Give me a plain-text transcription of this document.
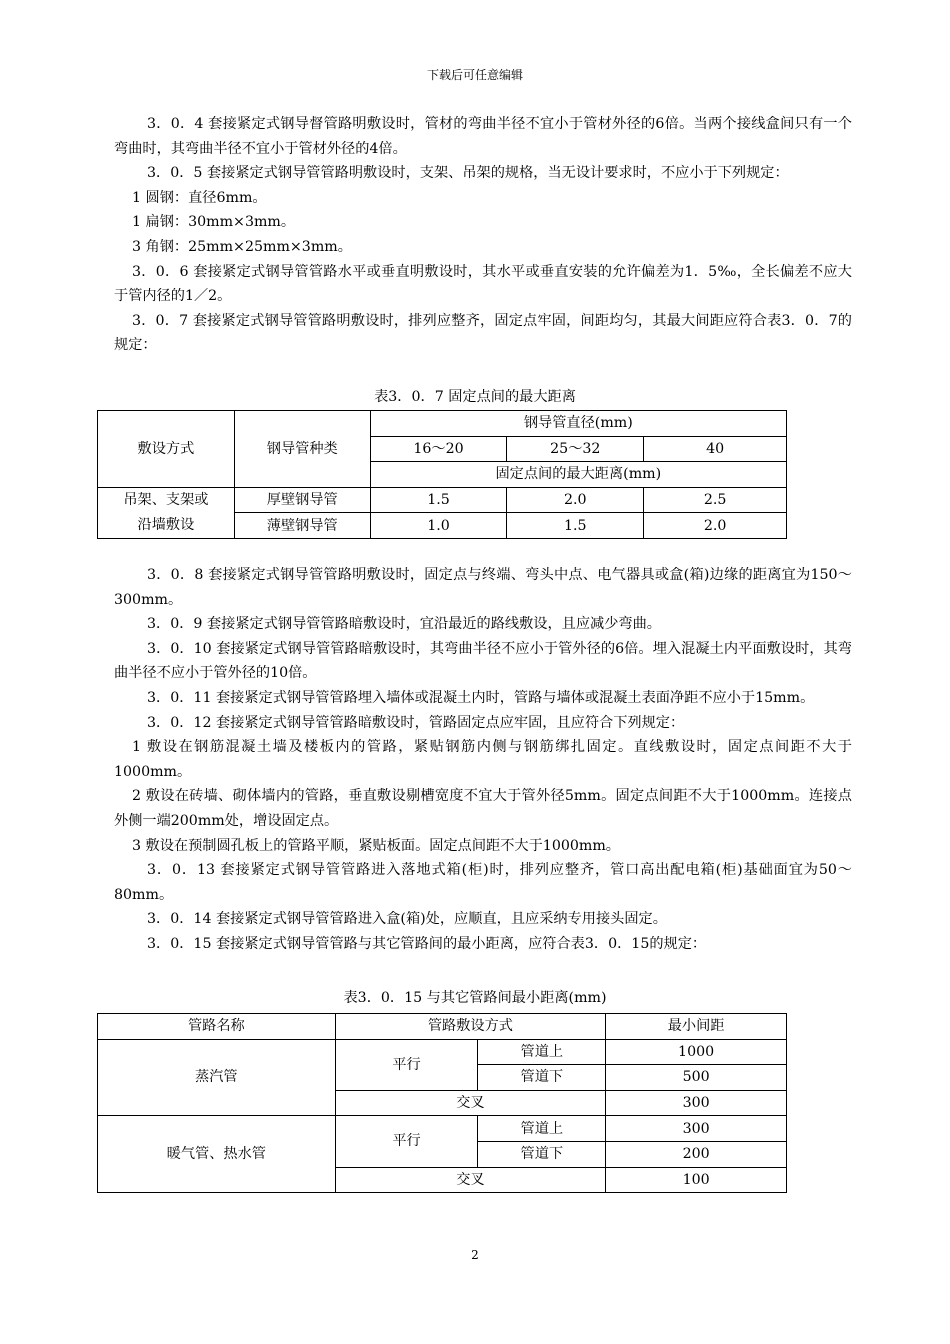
下载后可任意编辑

3．0．4 套接紧定式钢导督管路明敷设时，管材的弯曲半径不宜小于管材外径的6倍。当两个接线盒间只有一个弯曲时，其弯曲半径不宜小于管材外径的4倍。

3．0．5 套接紧定式钢导管管路明敷设时，支架、吊架的规格，当无设计要求时，不应小于下列规定：

1 圆钢：直径6mm。

1 扁钢：30mm×3mm。

3 角钢：25mm×25mm×3mm。

3．0．6 套接紧定式钢导管管路水平或垂直明敷设时，其水平或垂直安装的允许偏差为1．5‰，全长偏差不应大于管内径的1／2。

3．0．7 套接紧定式钢导管管路明敷设时，排列应整齐，固定点牢固，间距均匀，其最大间距应符合表3．0．7的规定：

表3．0．7 固定点间的最大距离
敷设方式	钢导管种类	钢导管直径(mm)		
		16～20	25～32	40
		固定点间的最大距离(mm)		
吊架、支架或沿墙敷设	厚壁钢导管	1.5	2.0	2.5
	薄壁钢导管	1.0	1.5	2.0

3．0．8 套接紧定式钢导管管路明敷设时，固定点与终端、弯头中点、电气器具或盒(箱)边缘的距离宜为150～300mm。

3．0．9 套接紧定式钢导管管路暗敷设时，宜沿最近的路线敷设，且应减少弯曲。

3．0．10 套接紧定式钢导管管路暗敷设时，其弯曲半径不应小于管外径的6倍。埋入混凝土内平面敷设时，其弯曲半径不应小于管外径的10倍。

3．0．11 套接紧定式钢导管管路埋入墙体或混凝土内时，管路与墙体或混凝土表面净距不应小于15mm。

3．0．12 套接紧定式钢导管管路暗敷设时，管路固定点应牢固，且应符合下列规定：

1 敷设在钢筋混凝土墙及楼板内的管路，紧贴钢筋内侧与钢筋绑扎固定。直线敷设时，固定点间距不大于1000mm。

2 敷设在砖墙、砌体墙内的管路，垂直敷设剔槽宽度不宜大于管外径5mm。固定点间距不大于1000mm。连接点外侧一端200mm处，增设固定点。

3 敷设在预制圆孔板上的管路平顺，紧贴板面。固定点间距不大于1000mm。

3．0．13 套接紧定式钢导管管路进入落地式箱(柜)时，排列应整齐，管口高出配电箱(柜)基础面宜为50～80mm。

3．0．14 套接紧定式钢导管管路进入盒(箱)处，应顺直，且应采纳专用接头固定。

3．0．15 套接紧定式钢导管管路与其它管路间的最小距离，应符合表3．0．15的规定：

表3．0．15 与其它管路间最小距离(mm)
管路名称	管路敷设方式		最小间距
蒸汽管	平行	管道上	1000
		管道下	500
	交叉		300
暖气管、热水管	平行	管道上	300
		管道下	200
	交叉		100
2
